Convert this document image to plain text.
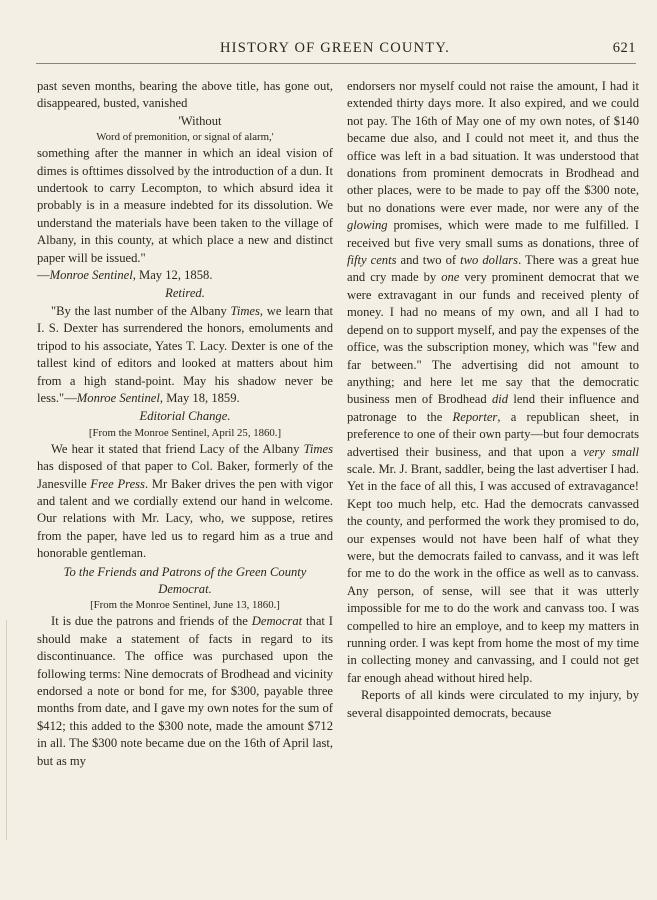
HISTORY OF GREEN COUNTY.	621

past seven months, bearing the above title, has gone out, disappeared, busted, vanished

'Without

Word of premonition, or signal of alarm,'

something after the manner in which an ideal vision of dimes is ofttimes dissolved by the introduction of a dun. It undertook to carry Lecompton, to which absurd idea it probably is in a measure indebted for its dissolution. We understand the materials have been taken to the village of Albany, in this county, at which place a new and distinct paper will be issued."
—Monroe Sentinel, May 12, 1858.

Retired.

"By the last number of the Albany Times, we learn that I. S. Dexter has surrendered the honors, emoluments and tripod to his associate, Yates T. Lacy. Dexter is one of the tallest kind of editors and looked at matters about him from a high stand-point. May his shadow never be less."—Monroe Sentinel, May 18, 1859.

Editorial Change.

[From the Monroe Sentinel, April 25, 1860.]

We hear it stated that friend Lacy of the Albany Times has disposed of that paper to Col. Baker, formerly of the Janesville Free Press. Mr Baker drives the pen with vigor and talent and we cordially extend our hand in welcome. Our relations with Mr. Lacy, who, we suppose, retires from the paper, have led us to regard him as a true and honorable gentleman.

To the Friends and Patrons of the Green County Democrat.

[From the Monroe Sentinel, June 13, 1860.]

It is due the patrons and friends of the Democrat that I should make a statement of facts in regard to its discontinuance. The office was purchased upon the following terms: Nine democrats of Brodhead and vicinity endorsed a note or bond for me, for $300, payable three months from date, and I gave my own notes for the sum of $412; this added to the $300 note, made the amount $712 in all. The $300 note became due on the 16th of April last, but as my

endorsers nor myself could not raise the amount, I had it extended thirty days more. It also expired, and we could not pay. The 16th of May one of my own notes, of $140 became due also, and I could not meet it, and thus the office was left in a bad situation. It was understood that donations from prominent democrats in Brodhead and other places, were to be made to pay off the $300 note, but no donations were ever made, nor were any of the glowing promises, which were made to me fulfilled. I received but five very small sums as donations, three of fifty cents and two of two dollars. There was a great hue and cry made by one very prominent democrat that we were extravagant in our funds and received plenty of money. I had no means of my own, and all I had to depend on to support myself, and pay the expenses of the office, was the subscription money, which was "few and far between." The advertising did not amount to anything; and here let me say that the democratic business men of Brodhead did lend their influence and patronage to the Reporter, a republican sheet, in preference to one of their own party—but four democrats advertised their business, and that upon a very small scale. Mr. J. Brant, saddler, being the last advertiser I had. Yet in the face of all this, I was accused of extravagance! Kept too much help, etc. Had the democrats canvassed the county, and performed the work they promised to do, our expenses would not have been half of what they were, but the democrats failed to canvass, and it was left for me to do the work in the office as well as to canvass. Any person, of sense, will see that it was utterly impossible for me to do the work and canvass too. I was compelled to hire an employe, and to keep my matters in running order. I was kept from home the most of my time in collecting money and canvassing, and I could not get far enough ahead without hired help.

Reports of all kinds were circulated to my injury, by several disappointed democrats, because
